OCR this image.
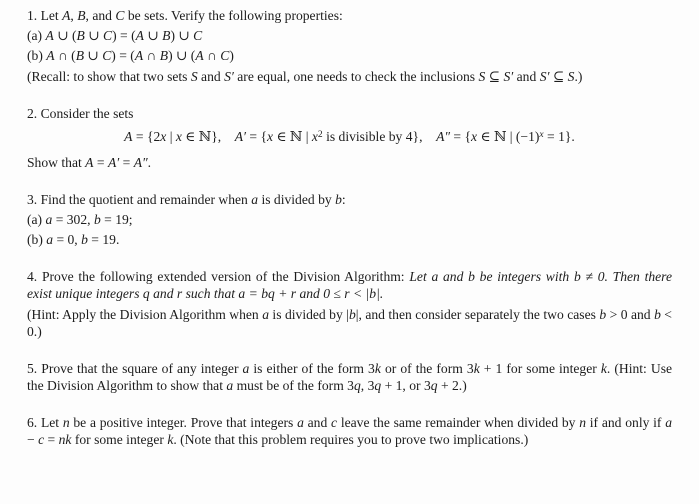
1. Let A, B, and C be sets. Verify the following properties:
(a) A ∪ (B ∪ C) = (A ∪ B) ∪ C
(b) A ∩ (B ∪ C) = (A ∩ B) ∪ (A ∩ C)
(Recall: to show that two sets S and S′ are equal, one needs to check the inclusions S ⊆ S′ and S′ ⊆ S.)
2. Consider the sets
A = {2x | x ∈ ℕ},    A′ = {x ∈ ℕ | $x^2$ is divisible by 4},    A″ = {x ∈ ℕ | $(-1)^x = 1$}.
Show that A = A′ = A″.
3. Find the quotient and remainder when a is divided by b:
(a) a = 302, b = 19;
(b) a = 0, b = 19.
4. Prove the following extended version of the Division Algorithm: Let a and b be integers with b ≠ 0. Then there exist unique integers q and r such that a = bq + r and 0 ≤ r < |b|.
(Hint: Apply the Division Algorithm when a is divided by |b|, and then consider separately the two cases b > 0 and b < 0.)
5. Prove that the square of any integer a is either of the form 3k or of the form 3k + 1 for some integer k. (Hint: Use the Division Algorithm to show that a must be of the form 3q, 3q + 1, or 3q + 2.)
6. Let n be a positive integer. Prove that integers a and c leave the same remainder when divided by n if and only if a − c = nk for some integer k. (Note that this problem requires you to prove two implications.)
